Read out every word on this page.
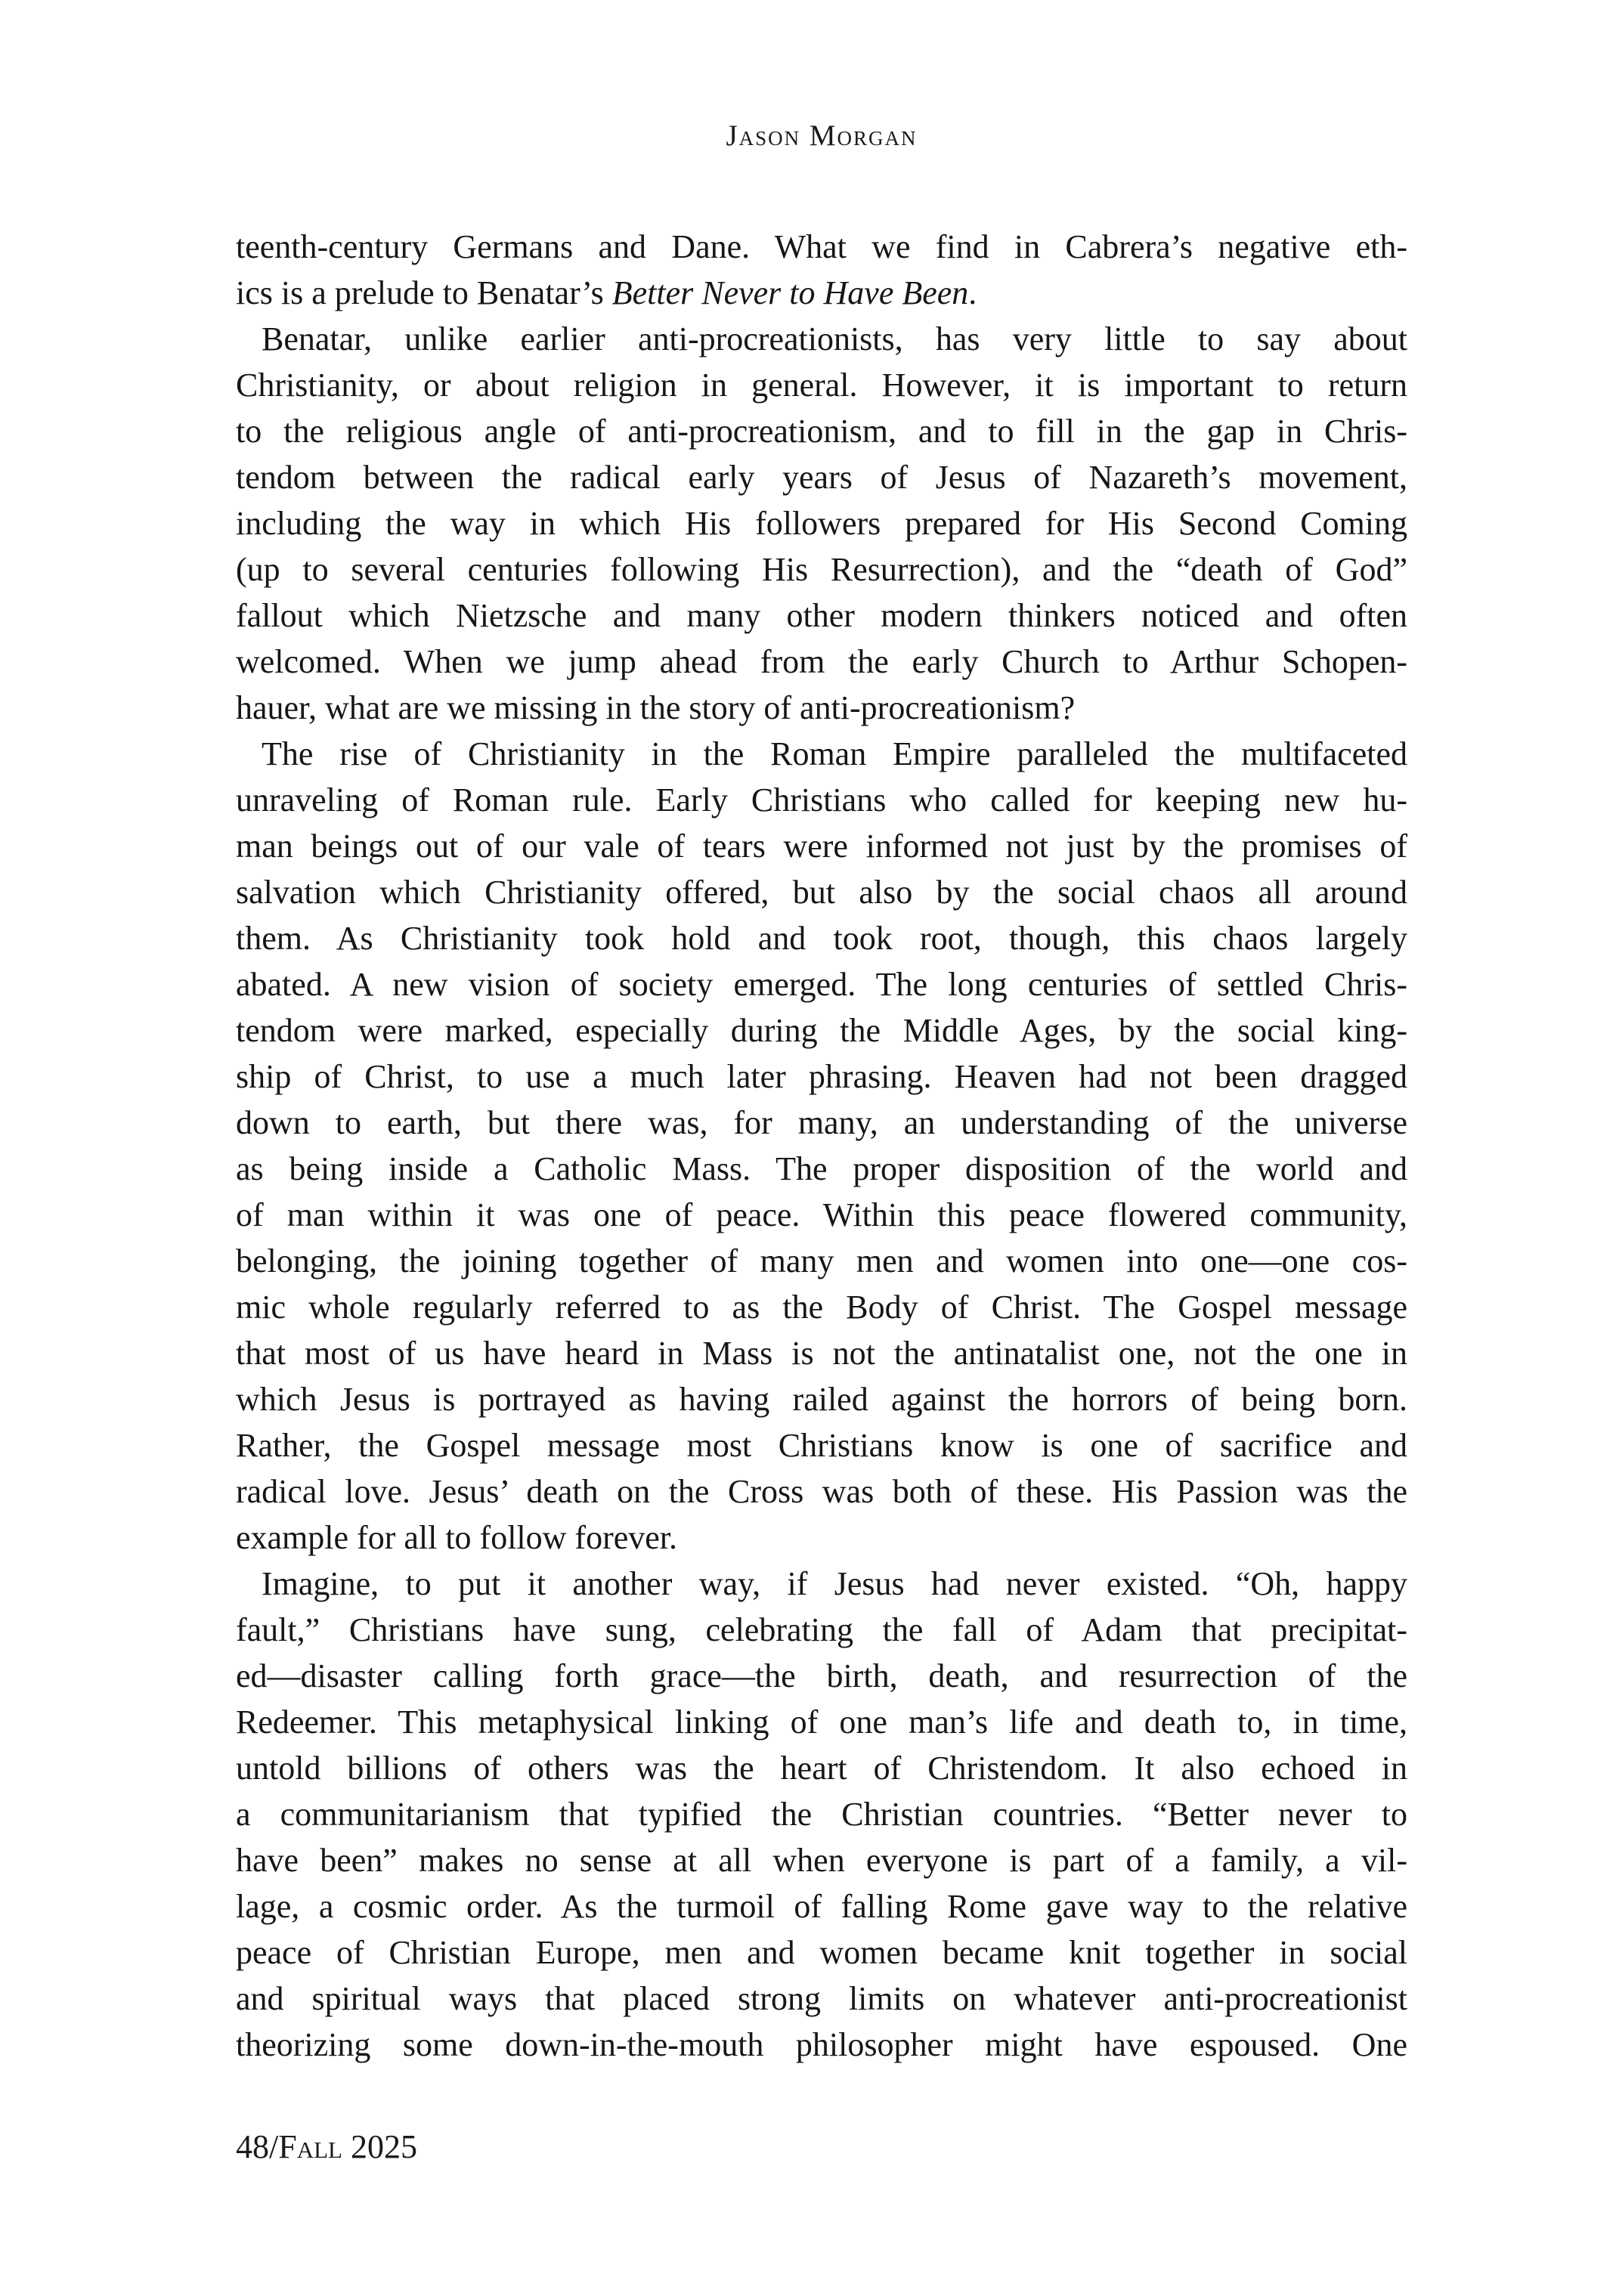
Jason Morgan
teenth-century Germans and Dane. What we find in Cabrera’s negative eth-
ics is a prelude to Benatar’s Better Never to Have Been.
Benatar, unlike earlier anti-procreationists, has very little to say about
Christianity, or about religion in general. However, it is important to return
to the religious angle of anti-procreationism, and to fill in the gap in Chris-
tendom between the radical early years of Jesus of Nazareth’s movement,
including the way in which His followers prepared for His Second Coming
(up to several centuries following His Resurrection), and the “death of God”
fallout which Nietzsche and many other modern thinkers noticed and often
welcomed. When we jump ahead from the early Church to Arthur Schopen-
hauer, what are we missing in the story of anti-procreationism?
The rise of Christianity in the Roman Empire paralleled the multifaceted
unraveling of Roman rule. Early Christians who called for keeping new hu-
man beings out of our vale of tears were informed not just by the promises of
salvation which Christianity offered, but also by the social chaos all around
them. As Christianity took hold and took root, though, this chaos largely
abated. A new vision of society emerged. The long centuries of settled Chris-
tendom were marked, especially during the Middle Ages, by the social king-
ship of Christ, to use a much later phrasing. Heaven had not been dragged
down to earth, but there was, for many, an understanding of the universe
as being inside a Catholic Mass. The proper disposition of the world and
of man within it was one of peace. Within this peace flowered community,
belonging, the joining together of many men and women into one—one cos-
mic whole regularly referred to as the Body of Christ. The Gospel message
that most of us have heard in Mass is not the antinatalist one, not the one in
which Jesus is portrayed as having railed against the horrors of being born.
Rather, the Gospel message most Christians know is one of sacrifice and
radical love. Jesus’ death on the Cross was both of these. His Passion was the
example for all to follow forever.
Imagine, to put it another way, if Jesus had never existed. “Oh, happy
fault,” Christians have sung, celebrating the fall of Adam that precipitat-
ed—disaster calling forth grace—the birth, death, and resurrection of the
Redeemer. This metaphysical linking of one man’s life and death to, in time,
untold billions of others was the heart of Christendom. It also echoed in
a communitarianism that typified the Christian countries. “Better never to
have been” makes no sense at all when everyone is part of a family, a vil-
lage, a cosmic order. As the turmoil of falling Rome gave way to the relative
peace of Christian Europe, men and women became knit together in social
and spiritual ways that placed strong limits on whatever anti-procreationist
theorizing some down-in-the-mouth philosopher might have espoused. One
48/Fall 2025
